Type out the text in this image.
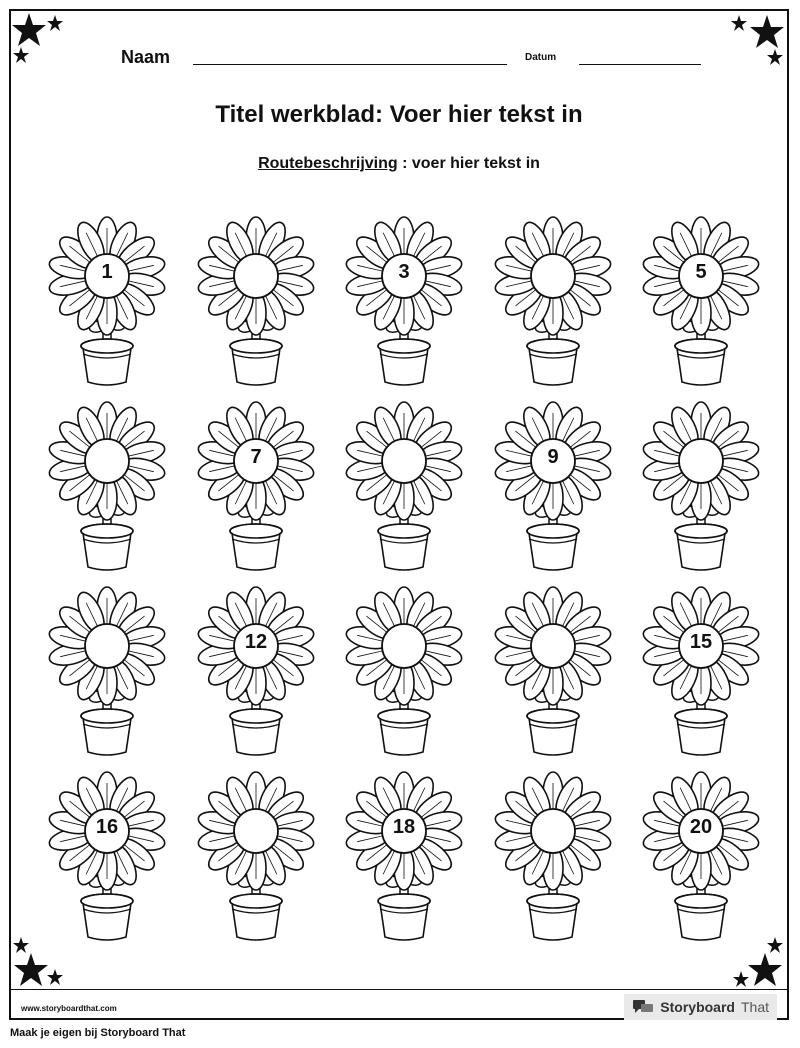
Naam	Datum
Titel werkblad: Voer hier tekst in
Routebeschrijving : voer hier tekst in
1	3	5
7	9
12	15
16	18	20
www.storyboardthat.com	Storyboard That
Maak je eigen bij Storyboard That
